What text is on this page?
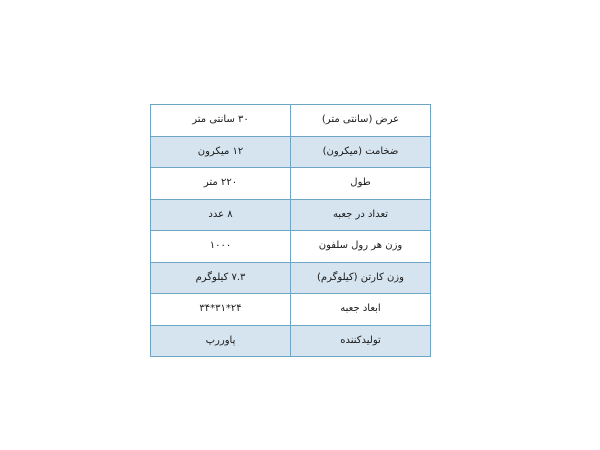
عرض (سانتی متر)	۳۰ سانتی متر
ضخامت (میکرون)	۱۲ میکرون
طول	۲۲۰ متر
تعداد در جعبه	۸ عدد
وزن هر رول سلفون	۱۰۰۰
وزن کارتن (کیلوگرم)	۷.۳ کیلوگرم
ابعاد جعبه	۲۴*۳۱*۳۴
تولیدکننده	پاوررپ
